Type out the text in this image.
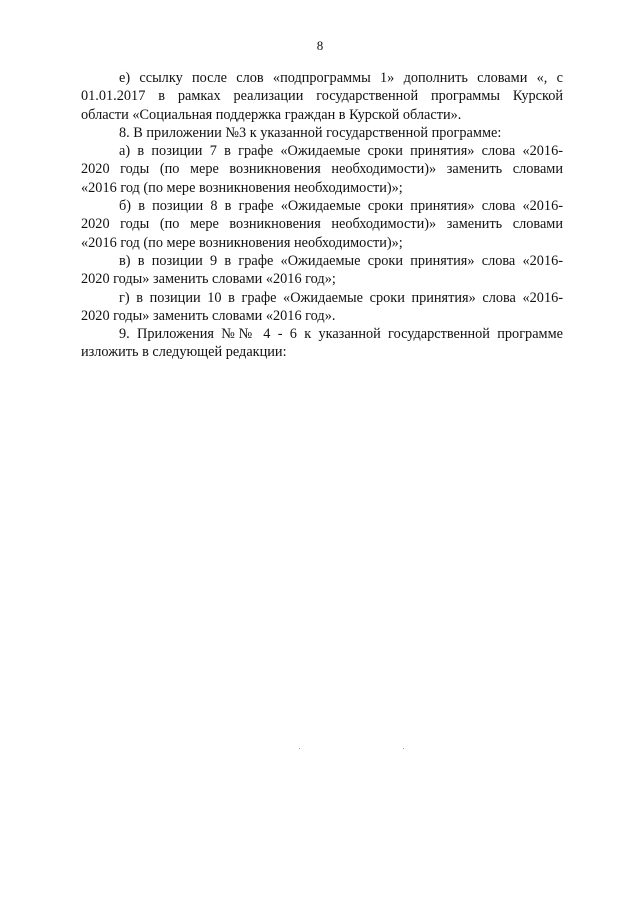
8

е) ссылку после слов «подпрограммы 1» дополнить словами «, с
01.01.2017 в рамках реализации государственной программы Курской
области «Социальная поддержка граждан в Курской области».

8. В приложении №3 к указанной государственной программе:

а) в позиции 7 в графе «Ожидаемые сроки принятия» слова «2016-
2020 годы (по мере возникновения необходимости)» заменить словами
«2016 год (по мере возникновения необходимости)»;

б) в позиции 8 в графе «Ожидаемые сроки принятия» слова «2016-
2020 годы (по мере возникновения необходимости)» заменить словами
«2016 год (по мере возникновения необходимости)»;

в) в позиции 9 в графе «Ожидаемые сроки принятия» слова «2016-
2020 годы» заменить словами «2016 год»;

г) в позиции 10 в графе «Ожидаемые сроки принятия» слова «2016-
2020 годы» заменить словами «2016 год».

9. Приложения №№ 4 - 6 к указанной государственной программе
изложить в следующей редакции:
